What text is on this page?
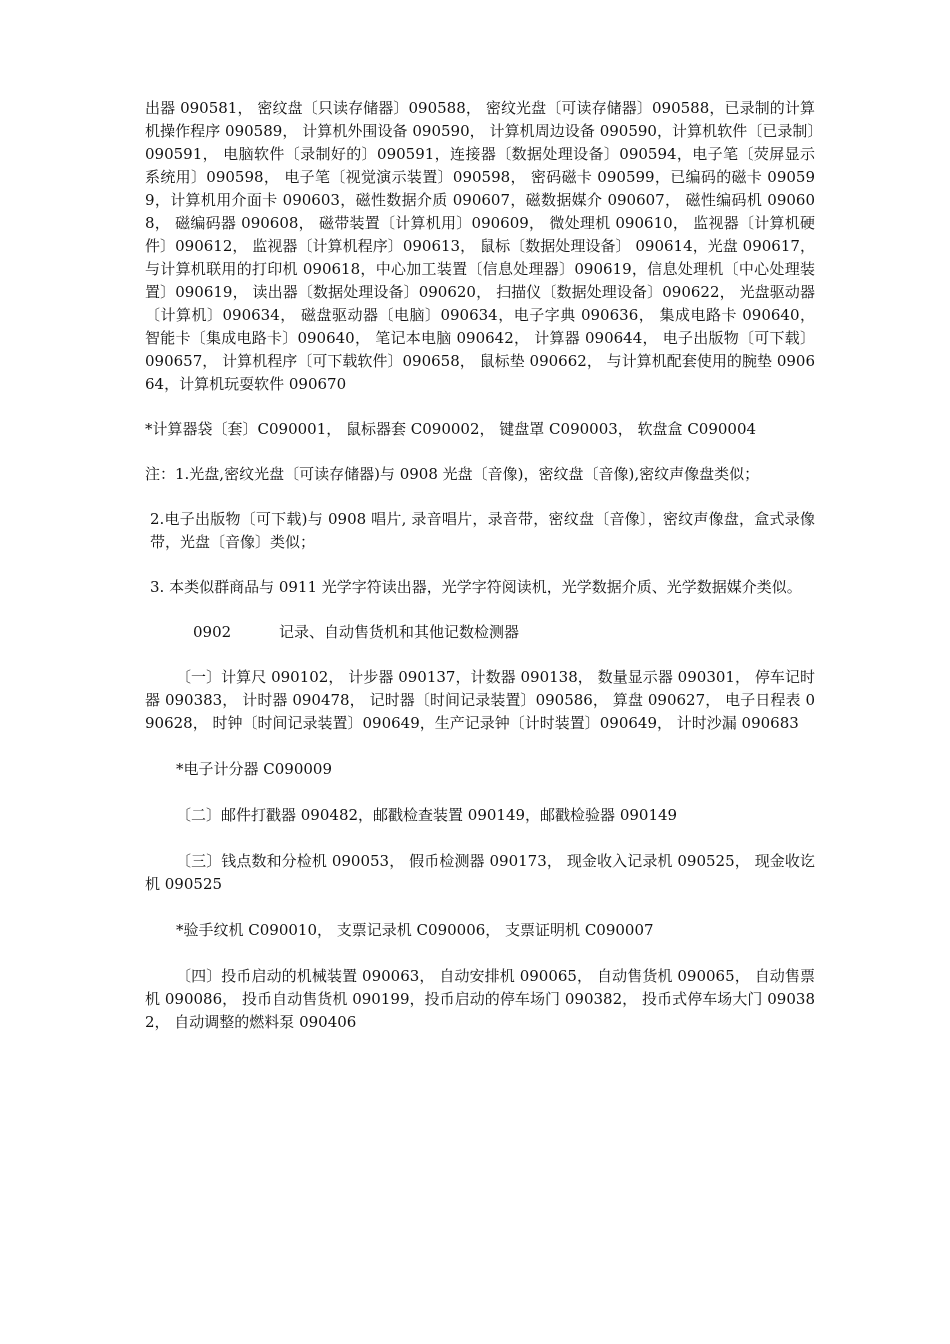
出器 090581， 密纹盘〔只读存储器〕090588， 密纹光盘〔可读存储器〕090588，已录制的计算机操作程序 090589， 计算机外围设备 090590， 计算机周边设备 090590，计算机软件〔已录制〕090591， 电脑软件〔录制好的〕090591，连接器〔数据处理设备〕090594，电子笔〔荧屏显示系统用〕090598， 电子笔〔视觉演示装置〕090598， 密码磁卡 090599，已编码的磁卡 090599，计算机用介面卡 090603，磁性数据介质 090607，磁数据媒介 090607， 磁性编码机 090608， 磁编码器 090608， 磁带装置〔计算机用〕090609， 微处理机 090610， 监视器〔计算机硬件〕090612， 监视器〔计算机程序〕090613， 鼠标〔数据处理设备〕 090614，光盘 090617，与计算机联用的打印机 090618，中心加工装置〔信息处理器〕090619，信息处理机〔中心处理装置〕090619， 读出器〔数据处理设备〕090620， 扫描仪〔数据处理设备〕090622， 光盘驱动器〔计算机〕090634， 磁盘驱动器〔电脑〕090634，电子字典 090636， 集成电路卡 090640， 智能卡〔集成电路卡〕090640， 笔记本电脑 090642， 计算器 090644， 电子出版物〔可下载〕090657， 计算机程序〔可下载软件〕090658， 鼠标垫 090662， 与计算机配套使用的腕垫 090664，计算机玩耍软件 090670

*计算器袋〔套〕C090001， 鼠标器套 C090002， 键盘罩 C090003， 软盘盒 C090004

注：1.光盘,密纹光盘〔可读存储器)与 0908 光盘〔音像)，密纹盘〔音像),密纹声像盘类似；

2.电子出版物〔可下载)与 0908 唱片, 录音唱片，录音带，密纹盘〔音像〕，密纹声像盘，盒式录像带，光盘〔音像〕类似；

3. 本类似群商品与 0911 光学字符读出器，光学字符阅读机，光学数据介质、光学数据媒介类似。

0902	记录、自动售货机和其他记数检测器

〔一〕计算尺 090102， 计步器 090137，计数器 090138， 数量显示器 090301， 停车记时器 090383， 计时器 090478， 记时器〔时间记录装置〕090586， 算盘 090627， 电子日程表 090628， 时钟〔时间记录装置〕090649，生产记录钟〔计时装置〕090649， 计时沙漏 090683

*电子计分器 C090009

〔二〕邮件打戳器 090482，邮戳检查装置 090149，邮戳检验器 090149

〔三〕钱点数和分检机 090053， 假币检测器 090173， 现金收入记录机 090525， 现金收讫机 090525

*验手纹机 C090010， 支票记录机 C090006， 支票证明机 C090007

〔四〕投币启动的机械装置 090063， 自动安排机 090065， 自动售货机 090065， 自动售票机 090086， 投币自动售货机 090199，投币启动的停车场门 090382， 投币式停车场大门 090382， 自动调整的燃料泵 090406
